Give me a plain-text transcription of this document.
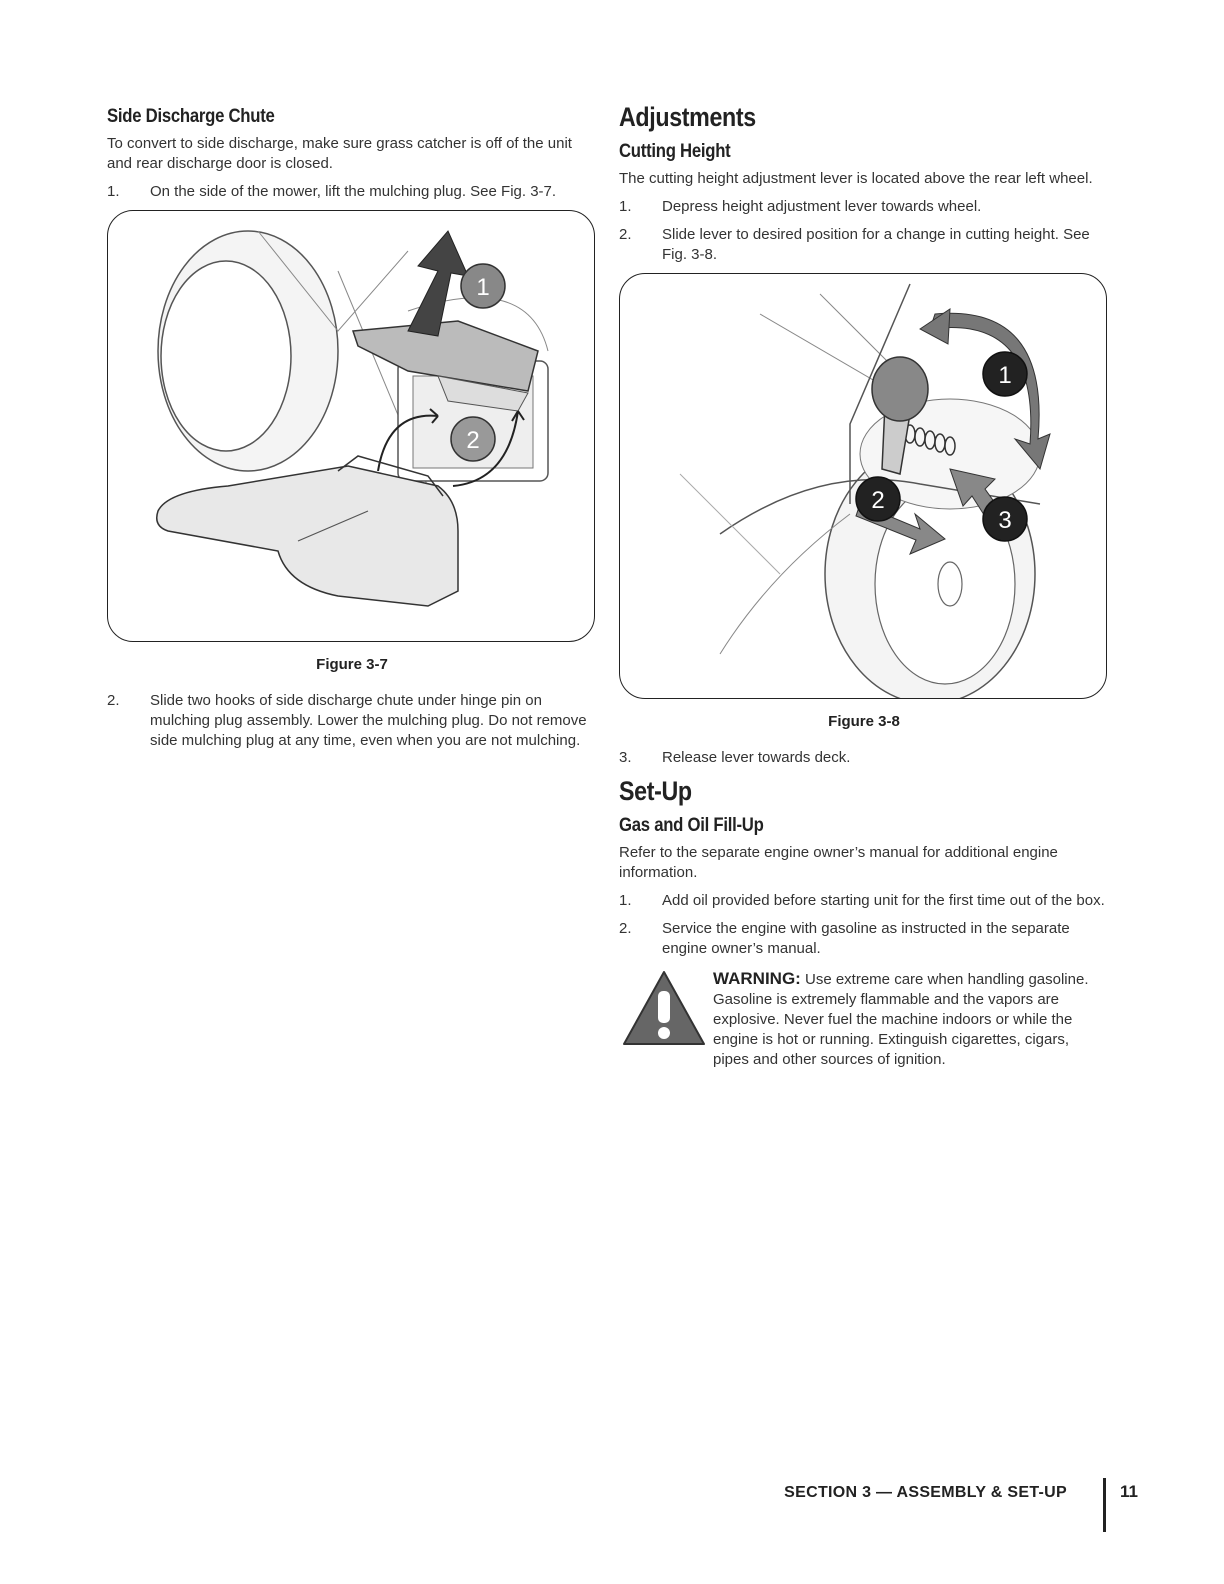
Side Discharge Chute
To convert to side discharge, make sure grass catcher is off of the unit and rear discharge door is closed.
1.	On the side of the mower, lift the mulching plug. See Fig. 3-7.
1
2
Figure 3-7
2.	Slide two hooks of side discharge chute under hinge pin on mulching plug assembly. Lower the mulching plug. Do not remove side mulching plug at any time, even when you are not mulching.
Adjustments
Cutting Height
The cutting height adjustment lever is located above the rear left wheel.
1.	Depress height adjustment lever towards wheel.
2.	Slide lever to desired position for a change in cutting height. See Fig. 3-8.
1
2
3
Figure 3-8
3.	Release lever towards deck.
Set-Up
Gas and Oil Fill-Up
Refer to the separate engine owner’s manual for additional engine information.
1.	Add oil provided before starting unit for the first time out of the box.
2.	Service the engine with gasoline as instructed in the separate engine owner’s manual.
WARNING: Use extreme care when handling gasoline. Gasoline is extremely flammable and the vapors are explosive. Never fuel the machine indoors or while the engine is hot or running. Extinguish cigarettes, cigars, pipes and other sources of ignition.
SECTION 3 — ASSEMBLY & SET-UP	11
